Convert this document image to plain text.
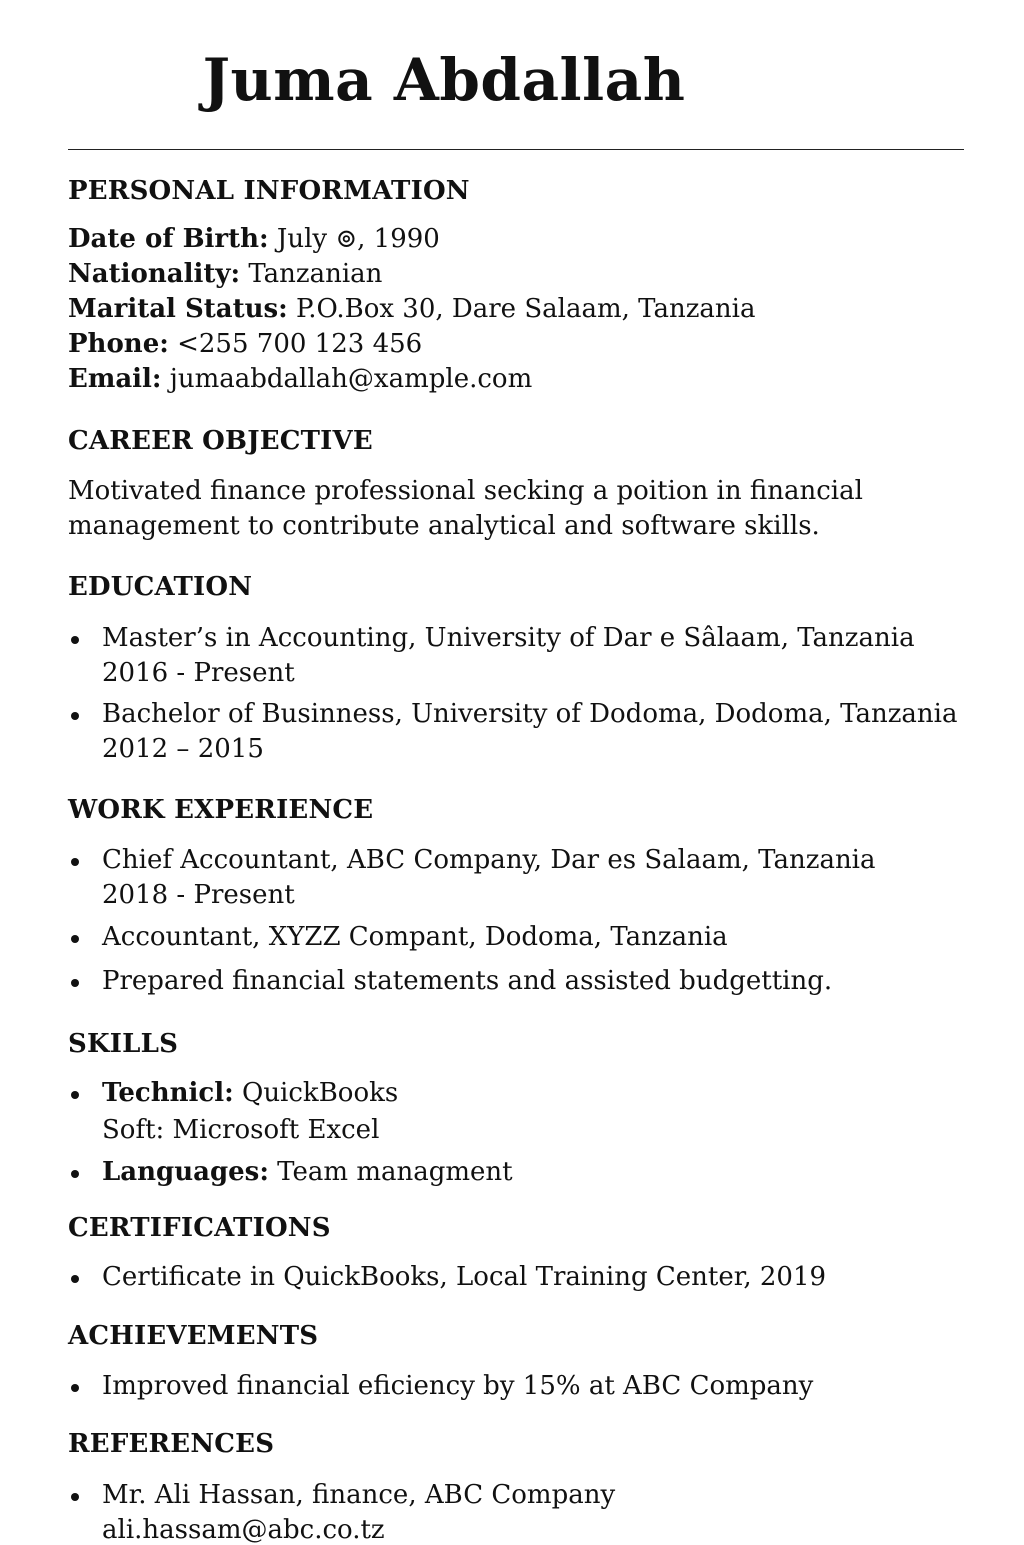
Juma Abdallah
PERSONAL INFORMATION
Date of Birth: July ⊚, 1990
Nationality: Tanzanian
Marital Status: P.O.Box 30, Dare Salaam, Tanzania
Phone: <255 700 123 456
Email: jumaabdallah@xample.com
CAREER OBJECTIVE
Motivated finance professional secking a poition in financial
management to contribute analytical and software skills.
EDUCATION
Master’s in Accounting, University of Dar e Sâlaam, Tanzania
2016 - Present
Bachelor of Businness, University of Dodoma, Dodoma, Tanzania
2012 – 2015
WORK EXPERIENCE
Chief Accountant, ABC Company, Dar es Salaam, Tanzania
2018 - Present
Accountant, XYZZ Compant, Dodoma, Tanzania
Prepared financial statements and assisted budgetting.
SKILLS
Technicl: QuickBooks
Soft: Microsoft Excel
Languages: Team managment
CERTIFICATIONS
Certificate in QuickBooks, Local Training Center, 2019
ACHIEVEMENTS
Improved financial eficiency by 15% at ABC Company
REFERENCES
Mr. Ali Hassan, finance, ABC Company
ali.hassam@abc.co.tz
